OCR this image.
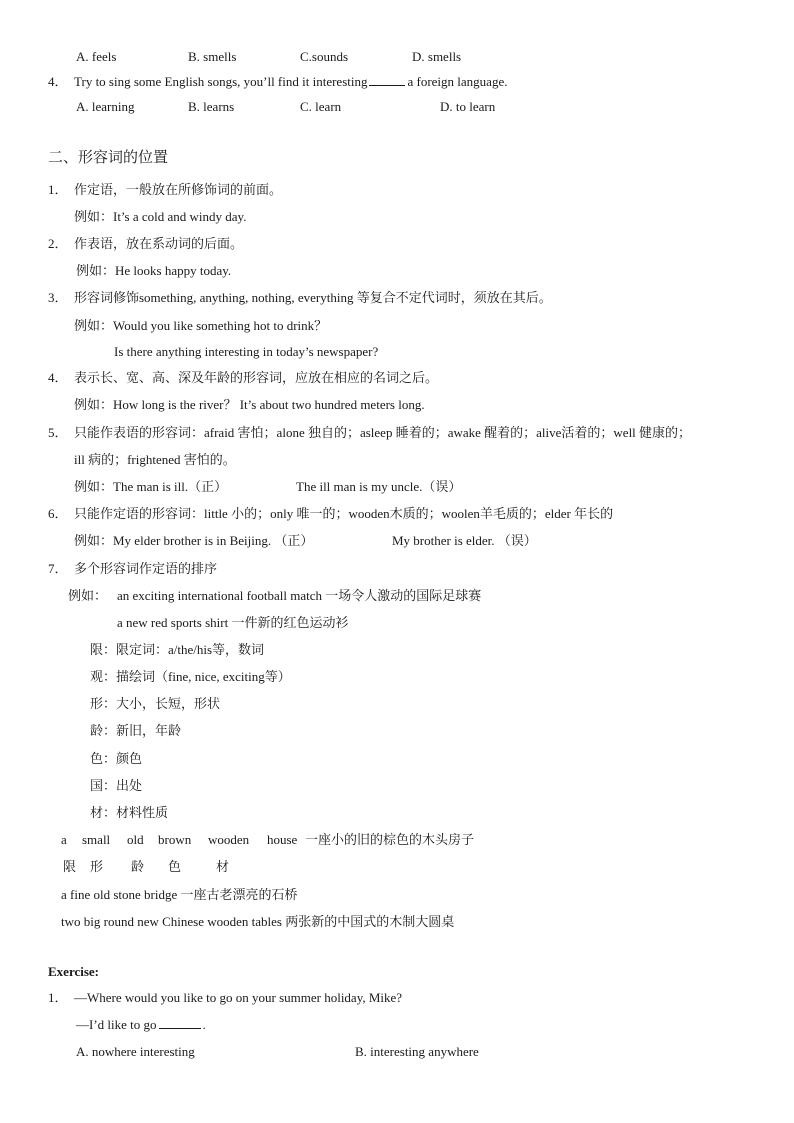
A. feels	B. smells	C.sounds	D. smells
4． Try to sing some English songs, you’ll find it interesting	a foreign language.
A. learning	B. learns	C. learn	D. to learn
二、形容词的位置
1． 作定语，一般放在所修饰词的前面。
例如：It’s a cold and windy day.
2． 作表语，放在系动词的后面。
例如：He looks happy today.
3． 形容词修饰something, anything, nothing, everything 等复合不定代词时，须放在其后。
例如：Would you like something hot to drink？
Is there anything interesting in today’s newspaper?
4． 表示长、宽、高、深及年龄的形容词，应放在相应的名词之后。
例如：How long is the river？ It’s about two hundred meters long.
5． 只能作表语的形容词：afraid 害怕；alone 独自的；asleep 睡着的；awake 醒着的；alive活着的；well 健康的；
ill 病的；frightened 害怕的。
例如：The man is ill.（正）	The ill man is my uncle.（误）
6． 只能作定语的形容词：little 小的；only 唯一的；wooden木质的；woolen羊毛质的；elder 年长的
例如：My elder brother is in Beijing. （正）	My brother is elder. （误）
7． 多个形容词作定语的排序
例如： an exciting international football match 一场令人激动的国际足球赛
a new red sports shirt 一件新的红色运动衫
限：限定词：a/the/his等，数词
观：描绘词（fine, nice, exciting等）
形：大小，长短，形状
龄：新旧，年龄
色：颜色
国：出处
材：材料性质
a small old brown wooden house 一座小的旧的棕色的木头房子
限 形 龄 色	材
a fine old stone bridge 一座古老漂亮的石桥
two big round new Chinese wooden tables 两张新的中国式的木制大圆桌
Exercise:
1． —Where would you like to go on your summer holiday, Mike?
—I’d like to go	.
A. nowhere interesting	B. interesting anywhere
